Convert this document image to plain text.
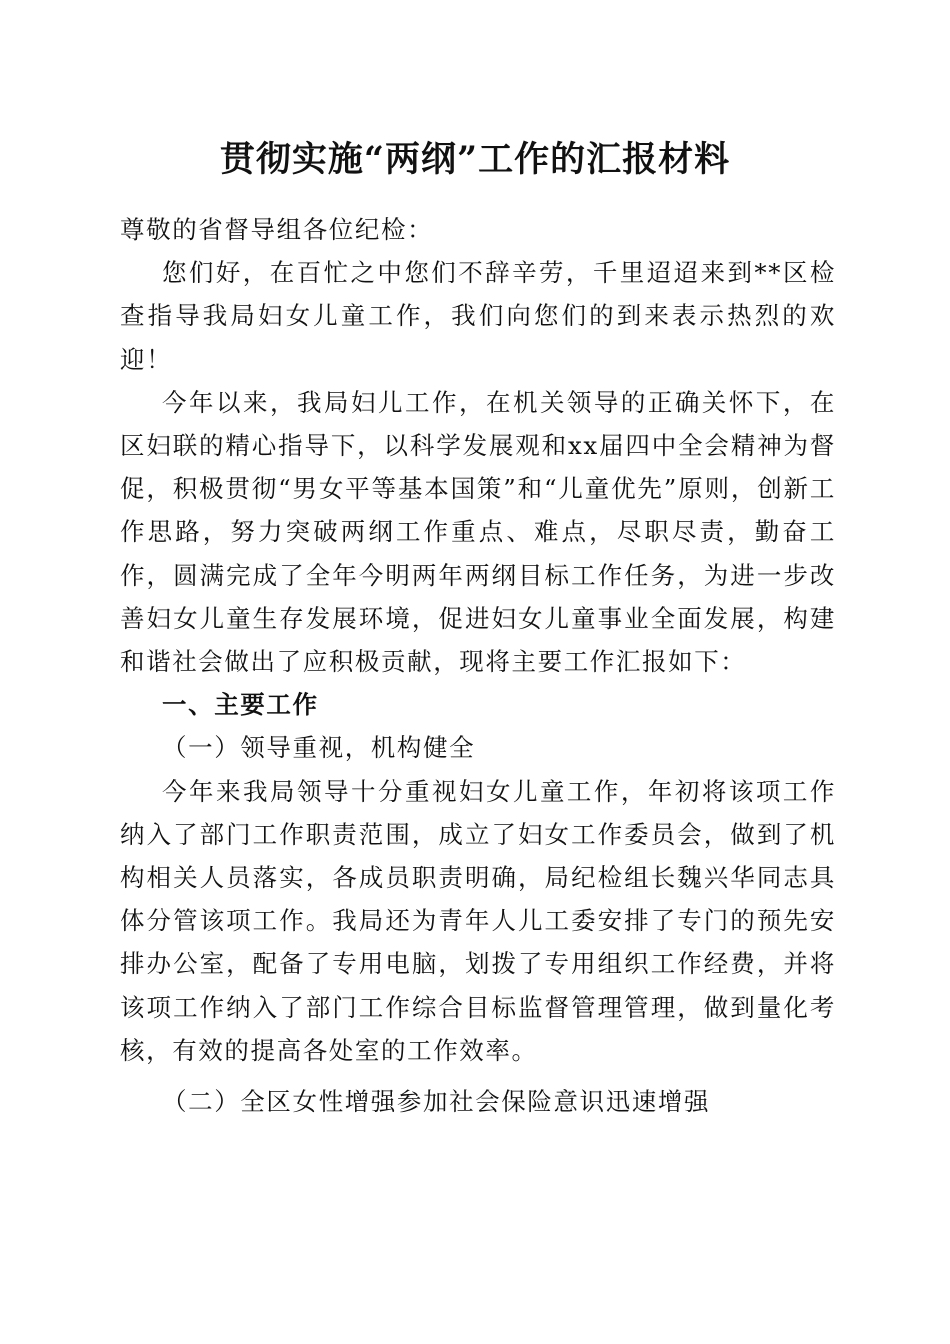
贯彻实施“两纲”工作的汇报材料

尊敬的省督导组各位纪检：

您们好，在百忙之中您们不辞辛劳，千里迢迢来到**区检查指导我局妇女儿童工作，我们向您们的到来表示热烈的欢迎！

今年以来，我局妇儿工作，在机关领导的正确关怀下，在区妇联的精心指导下，以科学发展观和xx届四中全会精神为督促，积极贯彻“男女平等基本国策”和“儿童优先”原则，创新工作思路，努力突破两纲工作重点、难点，尽职尽责，勤奋工作，圆满完成了全年今明两年两纲目标工作任务，为进一步改善妇女儿童生存发展环境，促进妇女儿童事业全面发展，构建和谐社会做出了应积极贡献，现将主要工作汇报如下：

一、主要工作

（一）领导重视，机构健全

今年来我局领导十分重视妇女儿童工作，年初将该项工作纳入了部门工作职责范围，成立了妇女工作委员会，做到了机构相关人员落实，各成员职责明确，局纪检组长魏兴华同志具体分管该项工作。我局还为青年人儿工委安排了专门的预先安排办公室，配备了专用电脑，划拨了专用组织工作经费，并将该项工作纳入了部门工作综合目标监督管理管理，做到量化考核，有效的提高各处室的工作效率。

（二）全区女性增强参加社会保险意识迅速增强
